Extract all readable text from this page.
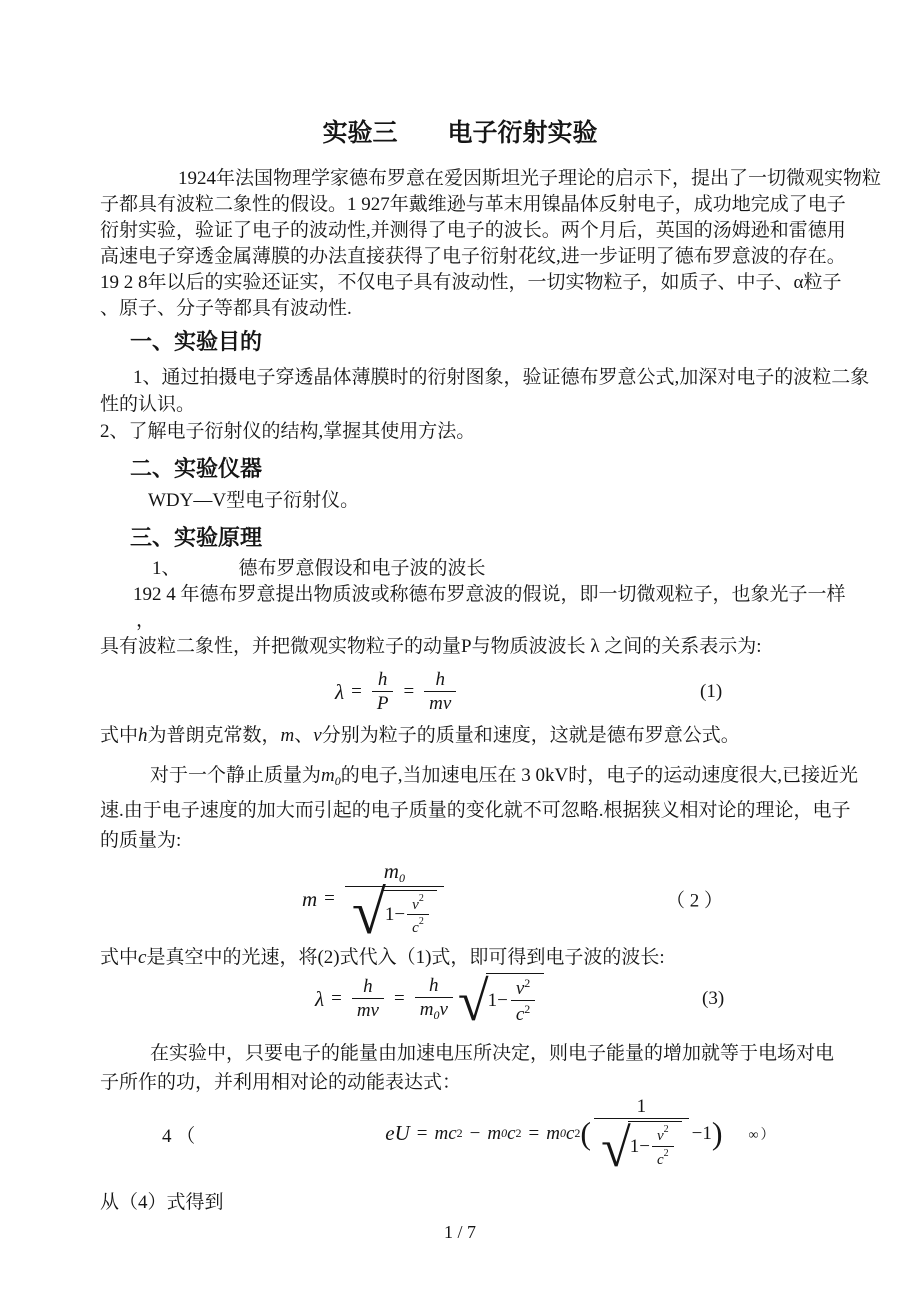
实验三　　电子衍射实验
1924年法国物理学家德布罗意在爱因斯坦光子理论的启示下，提出了一切微观实物粒
子都具有波粒二象性的假设。1 927年戴维逊与革末用镍晶体反射电子，成功地完成了电子
衍射实验，验证了电子的波动性,并测得了电子的波长。两个月后，英国的汤姆逊和雷德用
高速电子穿透金属薄膜的办法直接获得了电子衍射花纹,进一步证明了德布罗意波的存在。
19 2 8年以后的实验还证实，不仅电子具有波动性，一切实物粒子，如质子、中子、α粒子
、原子、分子等都具有波动性.
一、实验目的
1、通过拍摄电子穿透晶体薄膜时的衍射图象，验证德布罗意公式,加深对电子的波粒二象
性的认识。
2、了解电子衍射仪的结构,掌握其使用方法。
二、实验仪器
WDY—V型电子衍射仪。
三、实验原理
1、	德布罗意假设和电子波的波长
192 4 年德布罗意提出物质波或称德布罗意波的假说，即一切微观粒子，也象光子一样
，
具有波粒二象性，并把微观实物粒子的动量P与物质波波长 λ 之间的关系表示为:
$\lambda = \frac{h}{P} = \frac{h}{mv}$	(1)
式中h为普朗克常数，m、v分别为粒子的质量和速度，这就是德布罗意公式。
对于一个静止质量为$m_0$的电子,当加速电压在 3 0kV时，电子的运动速度很大,已接近光
速.由于电子速度的加大而引起的电子质量的变化就不可忽略.根据狭义相对论的理论，电子
的质量为:
$m = \frac{m_0}{√ 1- \frac{v^2}{c^2}}$	（ 2 ）
式中c是真空中的光速，将(2)式代入（1)式，即可得到电子波的波长:
$\lambda = \frac{h}{mv} = \frac{h}{m_0v}$ √ $1- \frac{v^2}{c^2}$	(3)
在实验中，只要电子的能量由加速电压所决定，则电子能量的增加就等于电场对电
子所作的功，并利用相对论的动能表达式：
4 （	eU = mc 2 − m 0 c 2 = m 0 c 2 ( $\frac{1}{√ 1- \frac{v^2}{c^2}} -1$ ) ∞）
从（4）式得到
1 / 7
